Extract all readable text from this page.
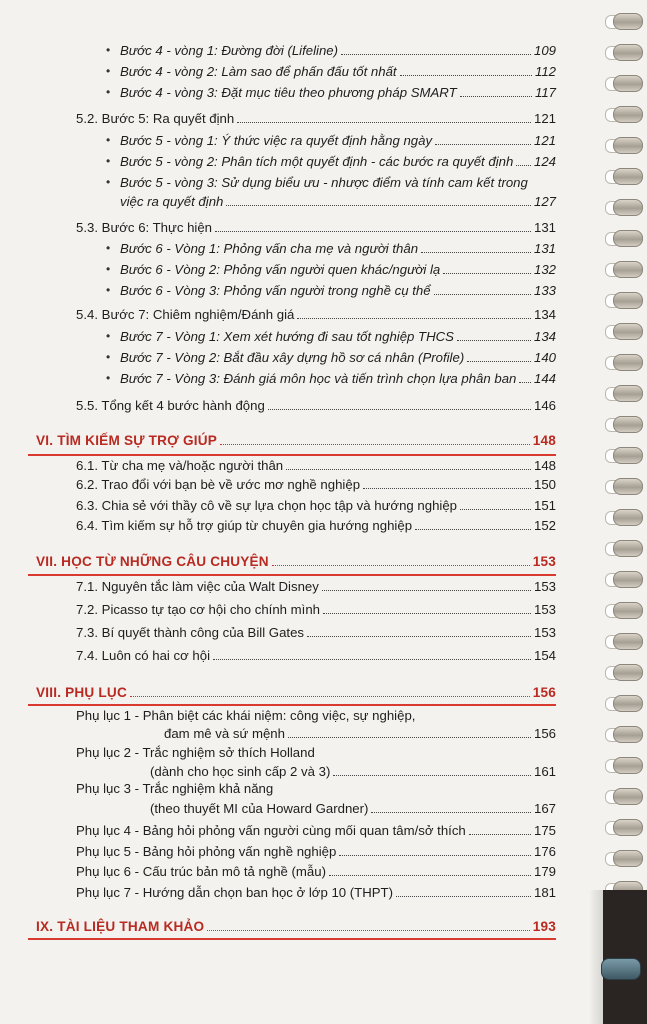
• Bước 4 - vòng 1: Đường đời (Lifeline)	109
• Bước 4 - vòng 2: Làm sao để phấn đấu tốt nhất	112
• Bước 4 - vòng 3: Đặt mục tiêu theo phương pháp SMART	117
5.2. Bước 5: Ra quyết định	121
• Bước 5 - vòng 1: Ý thức việc ra quyết định hằng ngày	121
• Bước 5 - vòng 2: Phân tích một quyết định - các bước ra quyết định 124
• Bước 5 - vòng 3: Sử dụng biểu ưu - nhược điểm và tính cam kết trong
việc ra quyết định	127
5.3. Bước 6: Thực hiện	131
• Bước 6 - Vòng 1: Phỏng vấn cha mẹ và người thân	131
• Bước 6 - Vòng 2: Phỏng vấn người quen khác/người lạ	132
• Bước 6 - Vòng 3: Phỏng vấn người trong nghề cụ thể	133
5.4. Bước 7: Chiêm nghiệm/Đánh giá	134
• Bước 7 - Vòng 1: Xem xét hướng đi sau tốt nghiệp THCS	134
• Bước 7 - Vòng 2: Bắt đầu xây dựng hồ sơ cá nhân (Profile)	140
• Bước 7 - Vòng 3: Đánh giá môn học và tiến trình chọn lựa phân ban 144
5.5. Tổng kết 4 bước hành động	146
VI. TÌM KIẾM SỰ TRỢ GIÚP	148
6.1. Từ cha mẹ và/hoặc người thân	148
6.2. Trao đổi với bạn bè về ước mơ nghề nghiệp	150
6.3. Chia sẻ với thầy cô về sự lựa chọn học tập và hướng nghiệp	151
6.4. Tìm kiếm sự hỗ trợ giúp từ chuyên gia hướng nghiệp	152
VII. HỌC TỪ NHỮNG CÂU CHUYỆN	153
7.1. Nguyên tắc làm việc của Walt Disney	153
7.2. Picasso tự tạo cơ hội cho chính mình	153
7.3. Bí quyết thành công của Bill Gates	153
7.4. Luôn có hai cơ hội	154
VIII. PHỤ LỤC	156
Phụ lục 1 - Phân biệt các khái niệm: công việc, sự nghiệp,
đam mê và sứ mệnh	156
Phụ lục 2 - Trắc nghiệm sở thích Holland
(dành cho học sinh cấp 2 và 3)	161
Phụ lục 3 - Trắc nghiệm khả năng
(theo thuyết MI của Howard Gardner)	167
Phụ lục 4 - Bảng hỏi phỏng vấn người cùng mối quan tâm/sở thích	175
Phụ lục 5 - Bảng hỏi phỏng vấn nghề nghiệp	176
Phụ lục 6 - Cấu trúc bản mô tả nghề (mẫu)	179
Phụ lục 7 - Hướng dẫn chọn ban học ở lớp 10 (THPT)	181
IX. TÀI LIỆU THAM KHẢO	193
